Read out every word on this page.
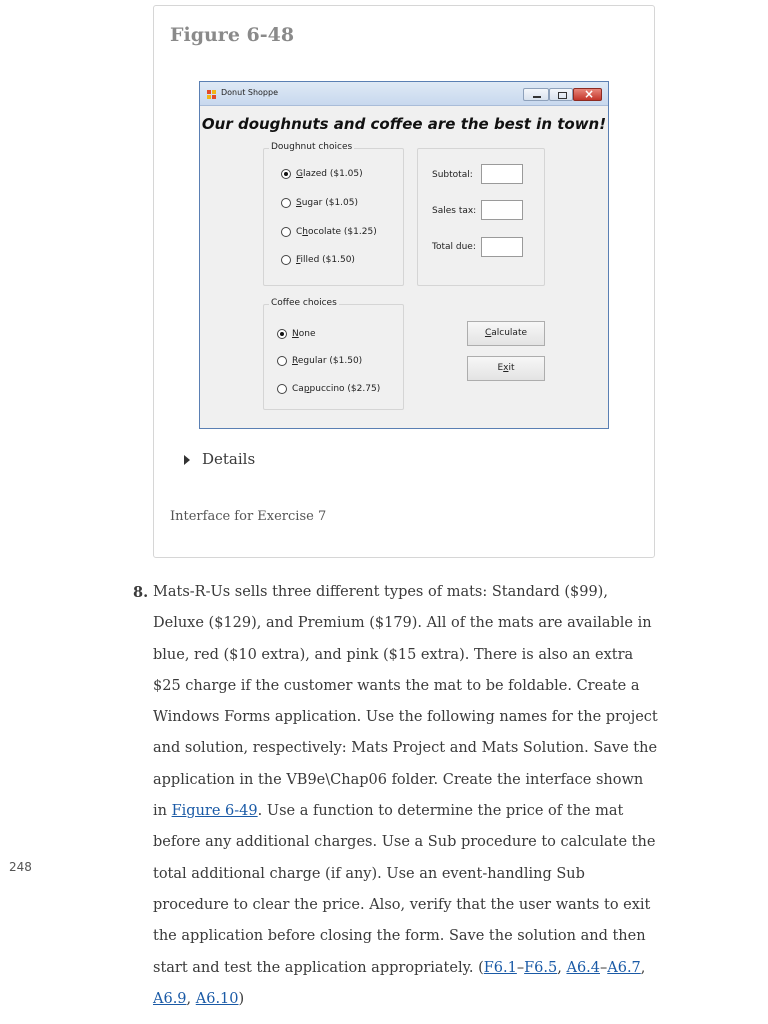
Figure 6-48
Donut Shoppe
×
Our doughnuts and coffee are the best in town!
Doughnut choices
Glazed ($1.05)
Sugar ($1.05)
Chocolate ($1.25)
Filled ($1.50)
Subtotal:
Sales tax:
Total due:
Coffee choices
None
Regular ($1.50)
Cappuccino ($2.75)
Calculate
Exit
Details
Interface for Exercise 7
8. Mats-R-Us sells three different types of mats: Standard ($99), Deluxe ($129), and Premium ($179). All of the mats are available in blue, red ($10 extra), and pink ($15 extra). There is also an extra $25 charge if the customer wants the mat to be foldable. Create a Windows Forms application. Use the following names for the project and solution, respectively: Mats Project and Mats Solution. Save the application in the VB9e\Chap06 folder. Create the interface shown in Figure 6-49. Use a function to determine the price of the mat before any additional charges. Use a Sub procedure to calculate the total additional charge (if any). Use an event-handling Sub procedure to clear the price. Also, verify that the user wants to exit the application before closing the form. Save the solution and then start and test the application appropriately. (F6.1–F6.5, A6.4–A6.7, A6.9, A6.10)
248
